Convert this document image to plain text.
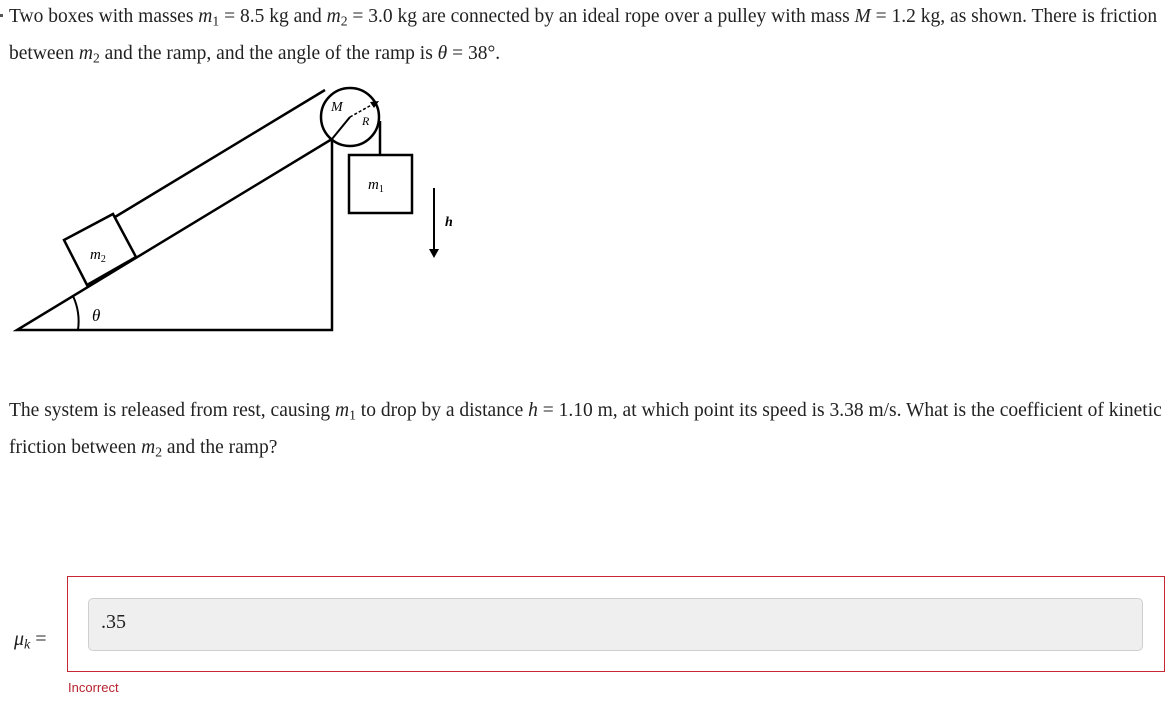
Two boxes with masses $m_1 = 8.5$ kg and $m_2 = 3.0$ kg are connected by an ideal rope over a pulley with mass M = 1.2 kg, as shown. There is friction between $m_2$ and the ramp, and the angle of the ramp is θ = 38°.

θ
M
R
$m_2$
$m_1$
h

The system is released from rest, causing $m_1$ to drop by a distance h = 1.10 m, at which point its speed is 3.38 m/s. What is the coefficient of kinetic friction between $m_2$ and the ramp?

$\mu_k$ =
.35
Incorrect
